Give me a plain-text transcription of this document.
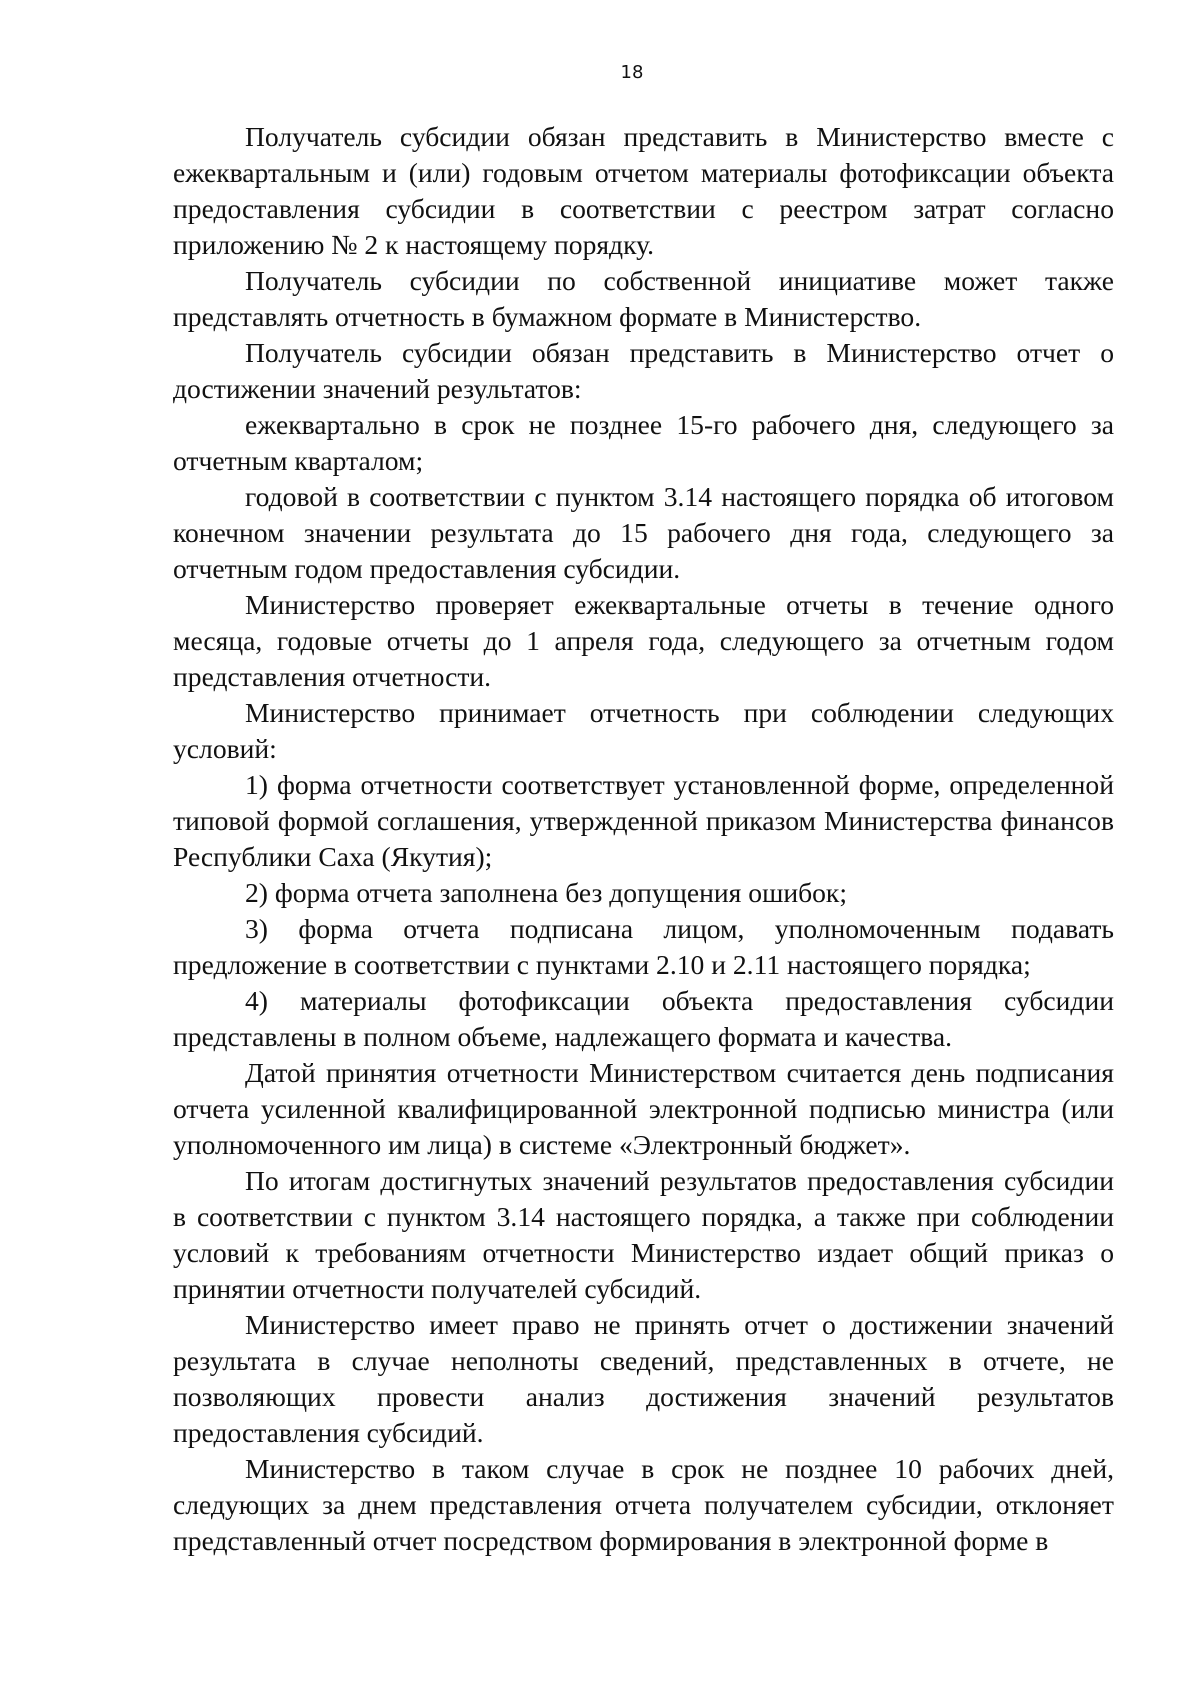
18

Получатель субсидии обязан представить в Министерство вместе с ежеквартальным и (или) годовым отчетом материалы фотофиксации объекта предоставления субсидии в соответствии с реестром затрат согласно приложению № 2 к настоящему порядку.

Получатель субсидии по собственной инициативе может также представлять отчетность в бумажном формате в Министерство.

Получатель субсидии обязан представить в Министерство отчет о достижении значений результатов:

ежеквартально в срок не позднее 15-го рабочего дня, следующего за отчетным кварталом;

годовой в соответствии с пунктом 3.14 настоящего порядка об итоговом конечном значении результата до 15 рабочего дня года, следующего за отчетным годом предоставления субсидии.

Министерство проверяет ежеквартальные отчеты в течение одного месяца, годовые отчеты до 1 апреля года, следующего за отчетным годом представления отчетности.

Министерство принимает отчетность при соблюдении следующих условий:

1) форма отчетности соответствует установленной форме, определенной типовой формой соглашения, утвержденной приказом Министерства финансов Республики Саха (Якутия);

2) форма отчета заполнена без допущения ошибок;

3) форма отчета подписана лицом, уполномоченным подавать предложение в соответствии с пунктами 2.10 и 2.11 настоящего порядка;

4) материалы фотофиксации объекта предоставления субсидии представлены в полном объеме, надлежащего формата и качества.

Датой принятия отчетности Министерством считается день подписания отчета усиленной квалифицированной электронной подписью министра (или уполномоченного им лица) в системе «Электронный бюджет».

По итогам достигнутых значений результатов предоставления субсидии в соответствии с пунктом 3.14 настоящего порядка, а также при соблюдении условий к требованиям отчетности Министерство издает общий приказ о принятии отчетности получателей субсидий.

Министерство имеет право не принять отчет о достижении значений результата в случае неполноты сведений, представленных в отчете, не позволяющих провести анализ достижения значений результатов предоставления субсидий.

Министерство в таком случае в срок не позднее 10 рабочих дней, следующих за днем представления отчета получателем субсидии, отклоняет представленный отчет посредством формирования в электронной форме в
